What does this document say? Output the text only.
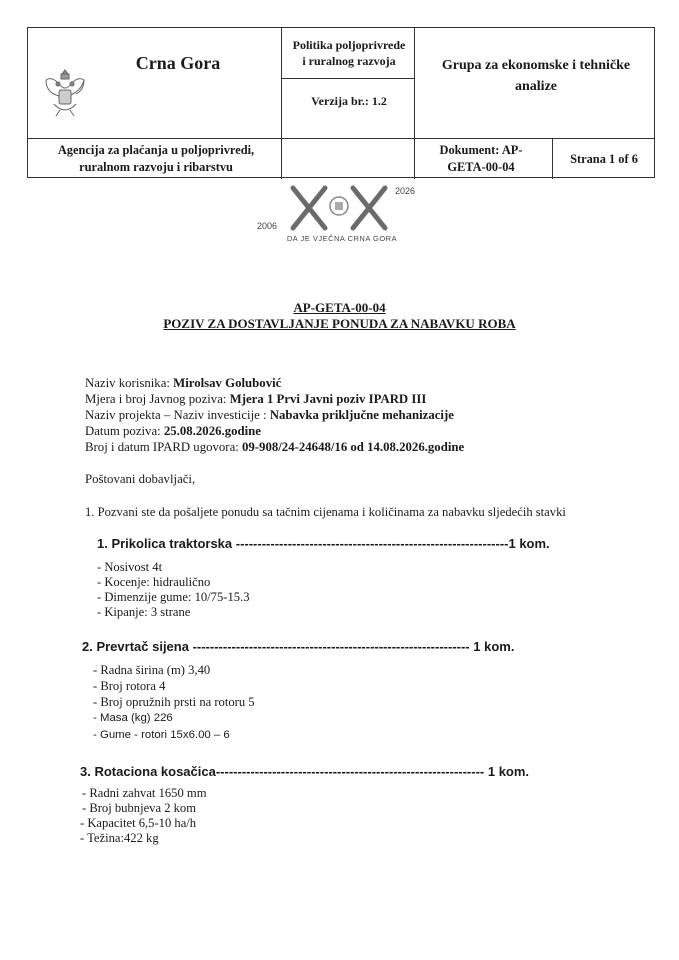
Crna Gora
Politika poljoprivrede i ruralnog razvoja
Verzija br.: 1.2
Grupa za ekonomske i tehničke analize
Agencija za plaćanja u poljoprivredi, ruralnom razvoju i ribarstvu
Dokument: AP-GETA-00-04
Strana 1 of 6
2006
2026
DA JE VJEČNA CRNA GORA
AP-GETA-00-04
POZIV ZA DOSTAVLJANJE PONUDA ZA NABAVKU ROBA
Naziv korisnika: Mirolsav Golubović
Mjera i broj Javnog poziva: Mjera 1 Prvi Javni poziv IPARD III
Naziv projekta – Naziv investicije : Nabavka priključne mehanizacije
Datum poziva: 25.08.2026.godine
Broj i datum IPARD ugovora: 09-908/24-24648/16 od 14.08.2026.godine
Poštovani dobavljači,
1. Pozvani ste da pošaljete ponudu sa tačnim cijenama i količinama za nabavku sljedećih stavki
1. Prikolica traktorska ---------------------------------------------------------------1 kom.
- Nosivost 4t
- Kocenje: hidraulično
- Dimenzije gume: 10/75-15.3
- Kipanje: 3 strane
2. Prevrtač sijena ---------------------------------------------------------------- 1 kom.
- Radna širina (m) 3,40
- Broj rotora 4
- Broj opružnih prsti na rotoru 5
- Masa (kg) 226
- Gume - rotori 15x6.00 – 6
3. Rotaciona kosačica-------------------------------------------------------------- 1 kom.
- Radni zahvat 1650 mm
- Broj bubnjeva 2 kom
- Kapacitet 6,5-10 ha/h
- Težina:422 kg
